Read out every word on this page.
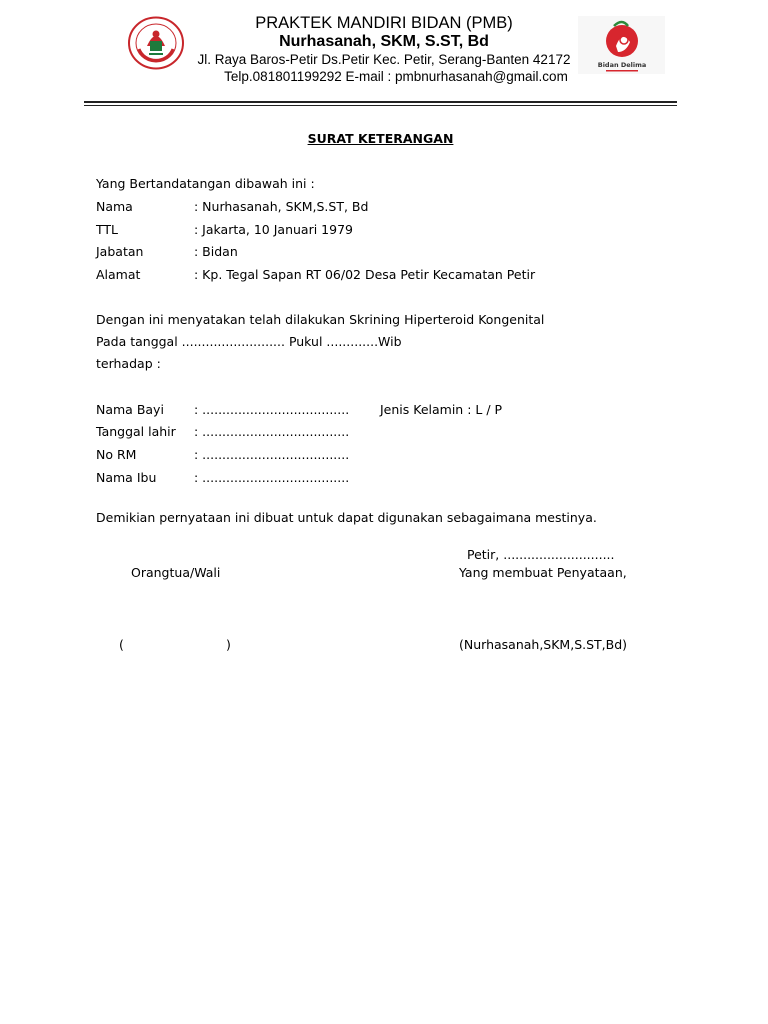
Bidan Delima
PRAKTEK MANDIRI BIDAN (PMB)
Nurhasanah, SKM, S.ST, Bd
Jl. Raya Baros-Petir Ds.Petir Kec. Petir, Serang-Banten 42172
Telp.081801199292 E-mail : pmbnurhasanah@gmail.com
SURAT KETERANGAN
Yang Bertandatangan dibawah ini :
Nama	: Nurhasanah, SKM,S.ST, Bd
TTL	: Jakarta, 10 Januari 1979
Jabatan	: Bidan
Alamat	: Kp. Tegal Sapan RT 06/02 Desa Petir Kecamatan Petir
Dengan ini menyatakan telah dilakukan Skrining Hiperteroid Kongenital
Pada tanggal .......................... Pukul .............Wib
terhadap :
Nama Bayi : ..................................... Jenis Kelamin : L / P
Tanggal lahir : .....................................
No RM	: .....................................
Nama Ibu	: .....................................
Demikian pernyataan ini dibuat untuk dapat digunakan sebagaimana mestinya.
Petir, ............................
Orangtua/Wali	Yang membuat Penyataan,
(	)	(Nurhasanah,SKM,S.ST,Bd)
